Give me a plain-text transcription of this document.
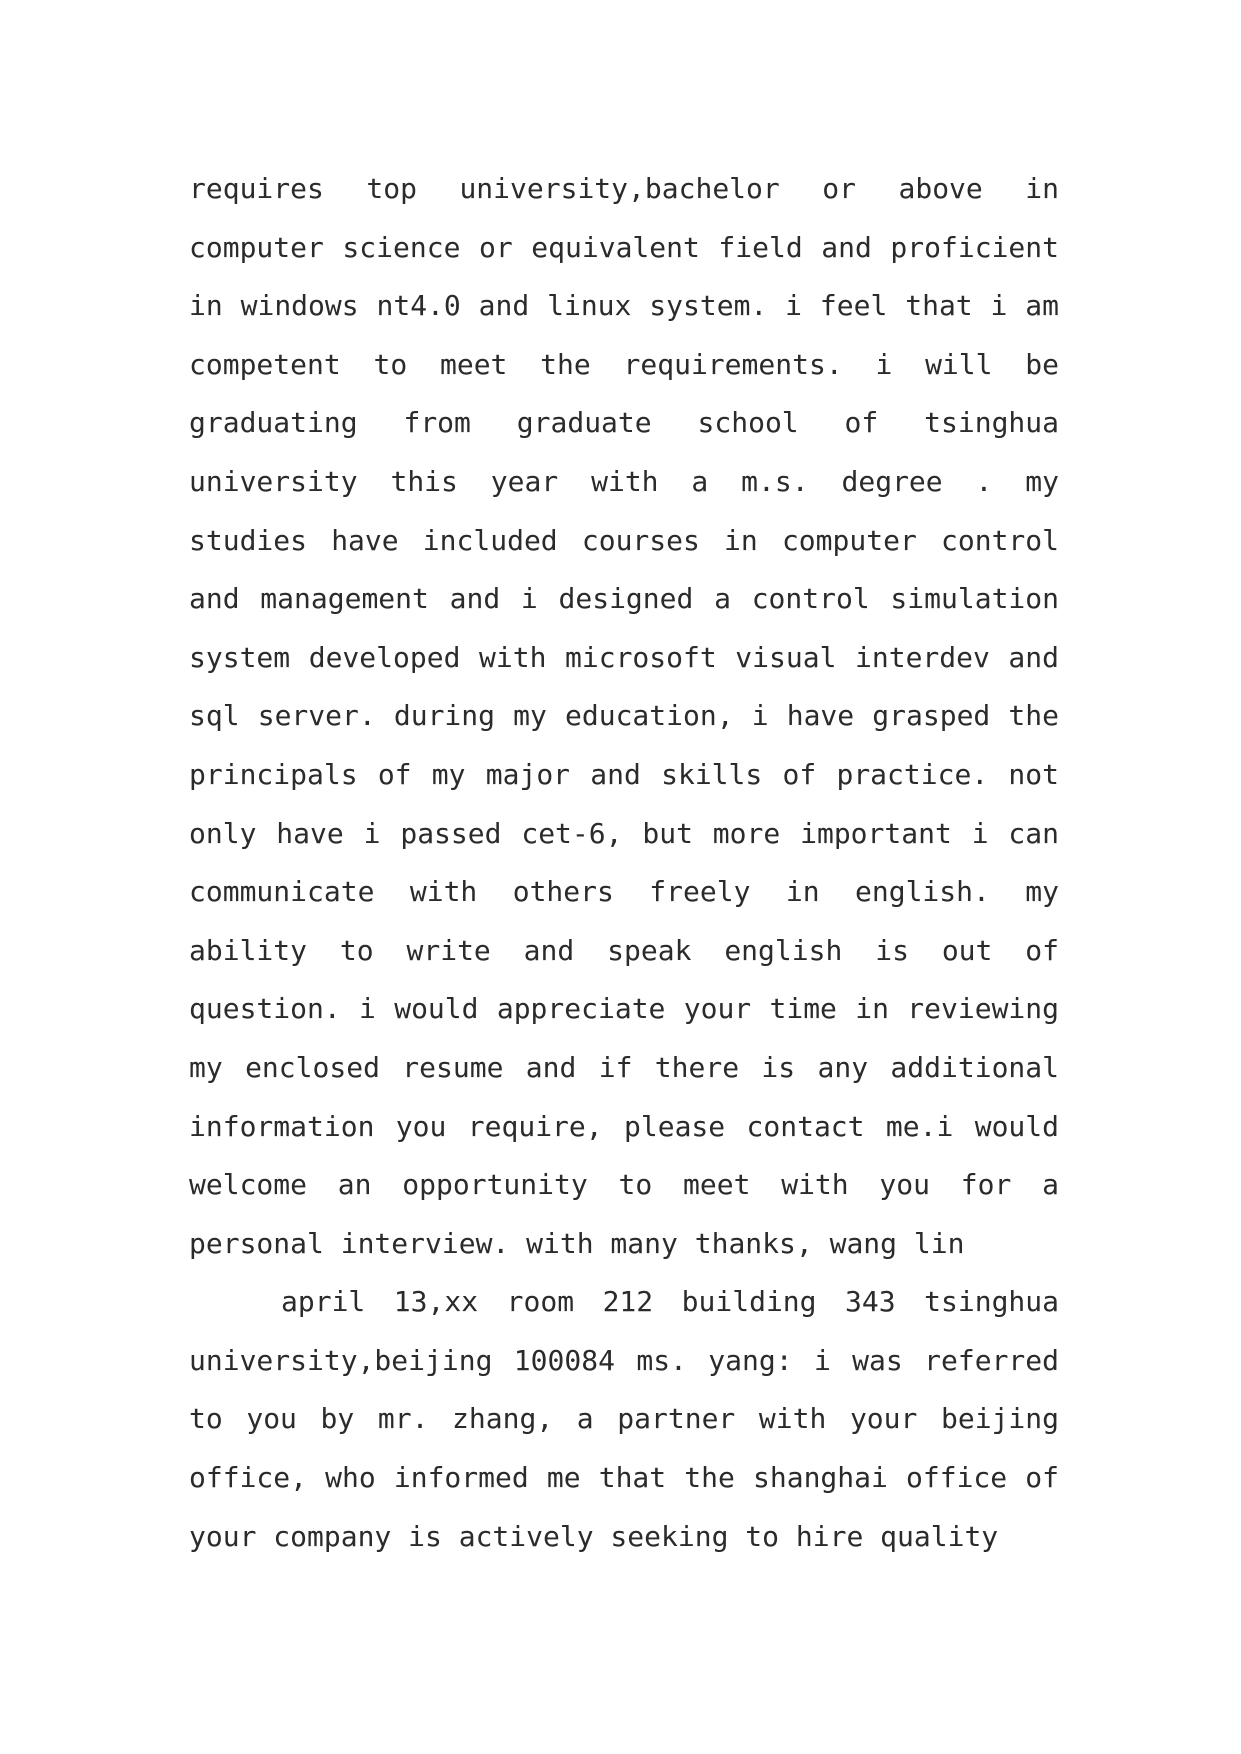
requires top university,bachelor or above in computer science or equivalent field and proficient in windows nt4.0 and linux system. i feel that i am competent to meet the requirements. i will be graduating from graduate school of tsinghua university this year with a m.s. degree . my studies have included courses in computer control and management and i designed a control simulation system developed with microsoft visual interdev and sql server. during my education, i have grasped the principals of my major and skills of practice. not only have i passed cet-6, but more important i can communicate with others freely in english. my ability to write and speak english is out of question. i would appreciate your time in reviewing my enclosed resume and if there is any additional information you require, please contact me.i would welcome an opportunity to meet with you for a personal interview. with many thanks, wang lin

april 13,xx room 212 building 343 tsinghua university,beijing 100084 ms. yang: i was referred to you by mr. zhang, a partner with your beijing office, who informed me that the shanghai office of your company is actively seeking to hire quality
